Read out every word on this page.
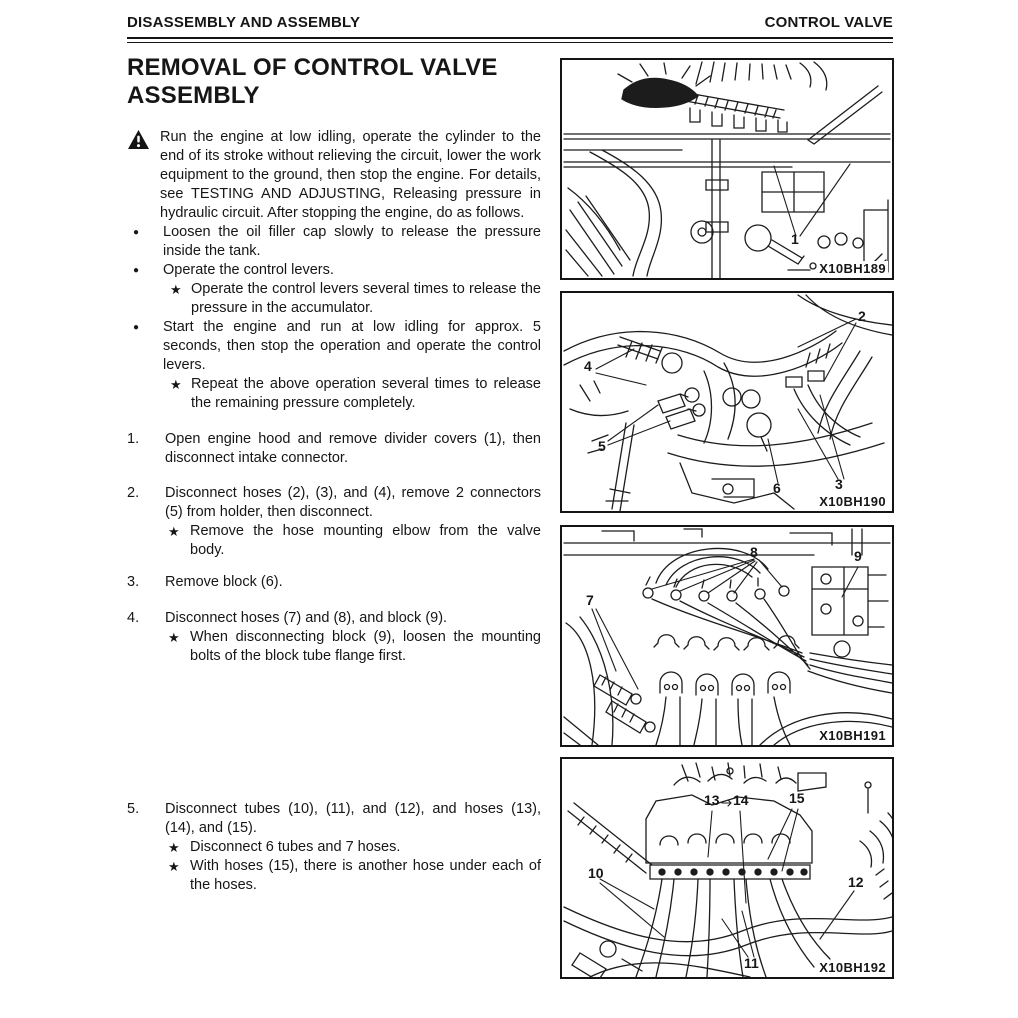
DISASSEMBLY AND ASSEMBLY	CONTROL VALVE
REMOVAL OF CONTROL VALVE ASSEMBLY

Run the engine at low idling, operate the cylinder to the end of its stroke without relieving the circuit, lower the work equipment to the ground, then stop the engine. For details, see TESTING AND ADJUSTING, Releasing pressure in hydraulic circuit. After stopping the engine, do as follows.

●	Loosen the oil filler cap slowly to release the pressure inside the tank.

●	Operate the control levers.

★ Operate the control levers several times to release the pressure in the accumulator.

●	Start the engine and run at low idling for approx. 5 seconds, then stop the operation and operate the control levers.

★ Repeat the above operation several times to release the remaining pressure completely.

1.	Open engine hood and remove divider covers (1), then disconnect intake connector.

2.	Disconnect hoses (2), (3), and (4), remove 2 connectors (5) from holder, then disconnect.

★ Remove the hose mounting elbow from the valve body.

3.	Remove block (6).

4.	Disconnect hoses (7) and (8), and block (9).

★ When disconnecting block (9), loosen the mounting bolts of the block tube flange first.

5.	Disconnect tubes (10), (11), and (12), and hoses (13), (14), and (15).

★ Disconnect 6 tubes and 7 hoses.

★ With hoses (15), there is another hose under each of the hoses.

1
X10BH189
2
4
5
6	3
X10BH190
7
8	9
X10BH191
13 14	15
10
12
11	X10BH192
